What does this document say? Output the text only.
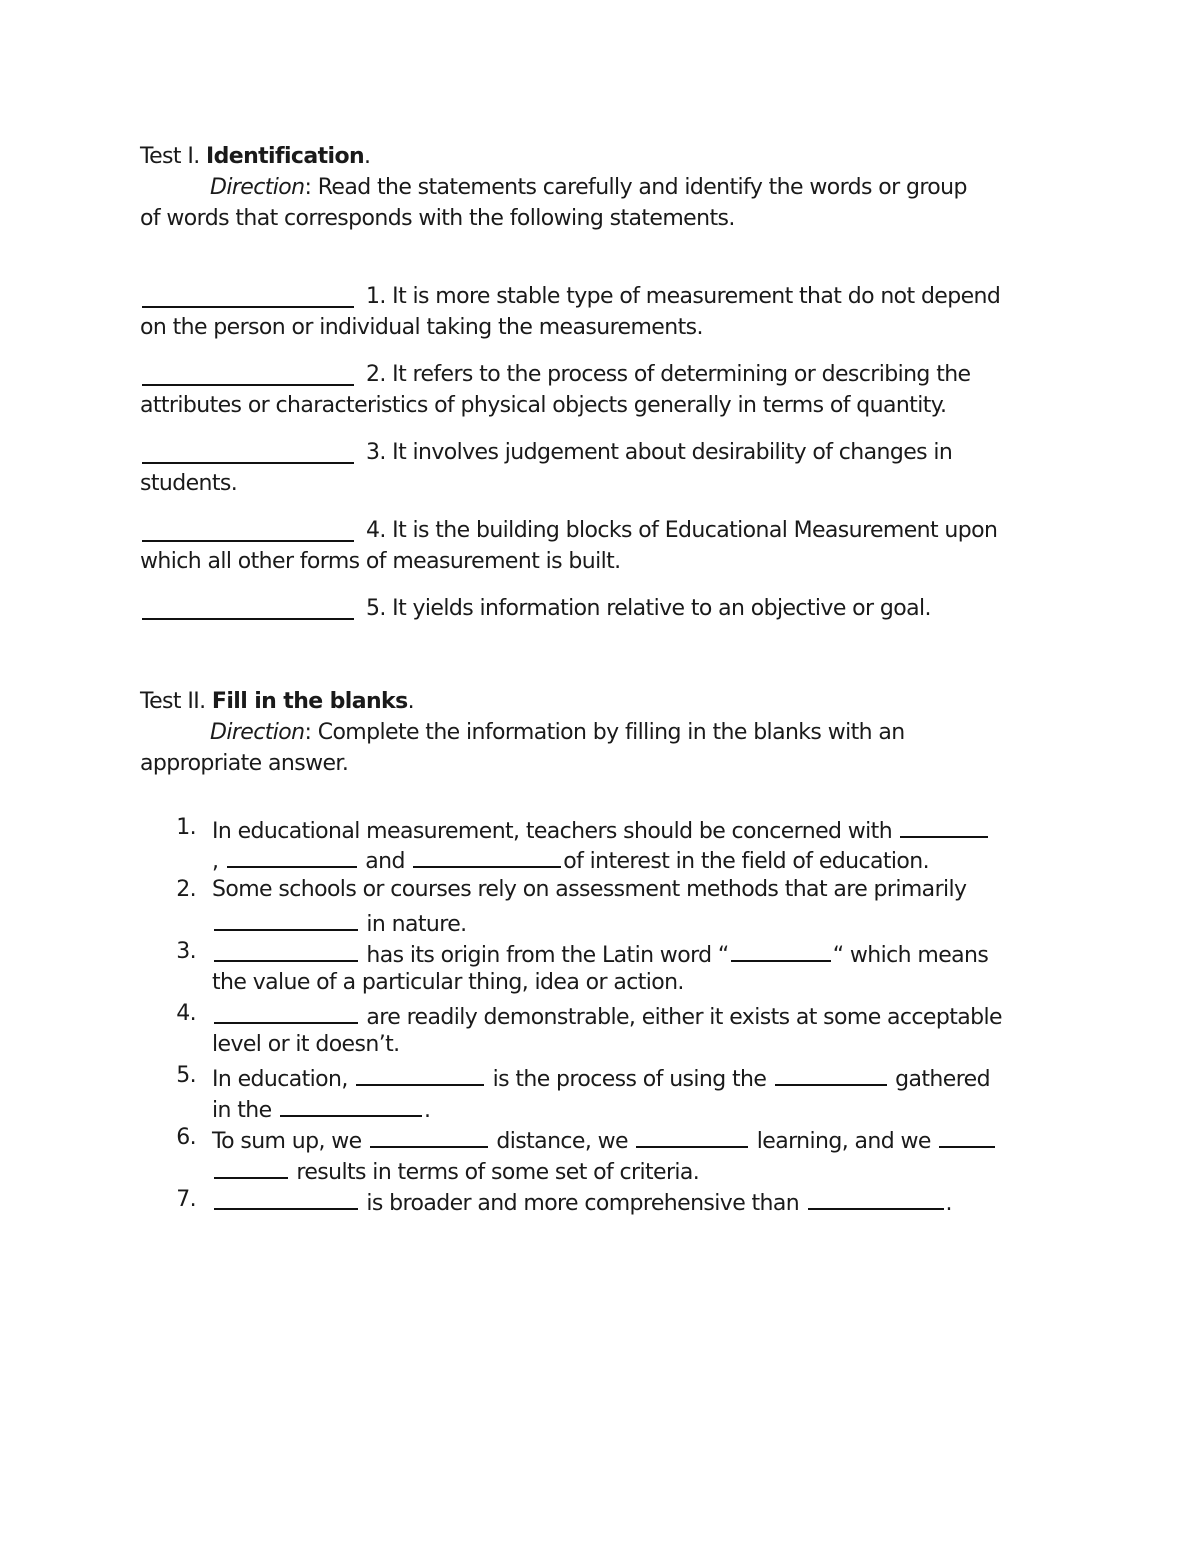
Test I. Identification.
Direction: Read the statements carefully and identify the words or group
of words that corresponds with the following statements.
1. It is more stable type of measurement that do not depend
on the person or individual taking the measurements.
2. It refers to the process of determining or describing the
attributes or characteristics of physical objects generally in terms of quantity.
3. It involves judgement about desirability of changes in
students.
4. It is the building blocks of Educational Measurement upon
which all other forms of measurement is built.
5. It yields information relative to an objective or goal.
Test II. Fill in the blanks.
Direction: Complete the information by filling in the blanks with an
appropriate answer.
1. In educational measurement, teachers should be concerned with
,	and	of interest in the field of education.
2. Some schools or courses rely on assessment methods that are primarily
in nature.
3.	has its origin from the Latin word “	“ which means
the value of a particular thing, idea or action.
4.	are readily demonstrable, either it exists at some acceptable
level or it doesn’t.
5. In education,	is the process of using the	gathered
in the	.
6. To sum up, we	distance, we	learning, and we
results in terms of some set of criteria.
7.	is broader and more comprehensive than	.
